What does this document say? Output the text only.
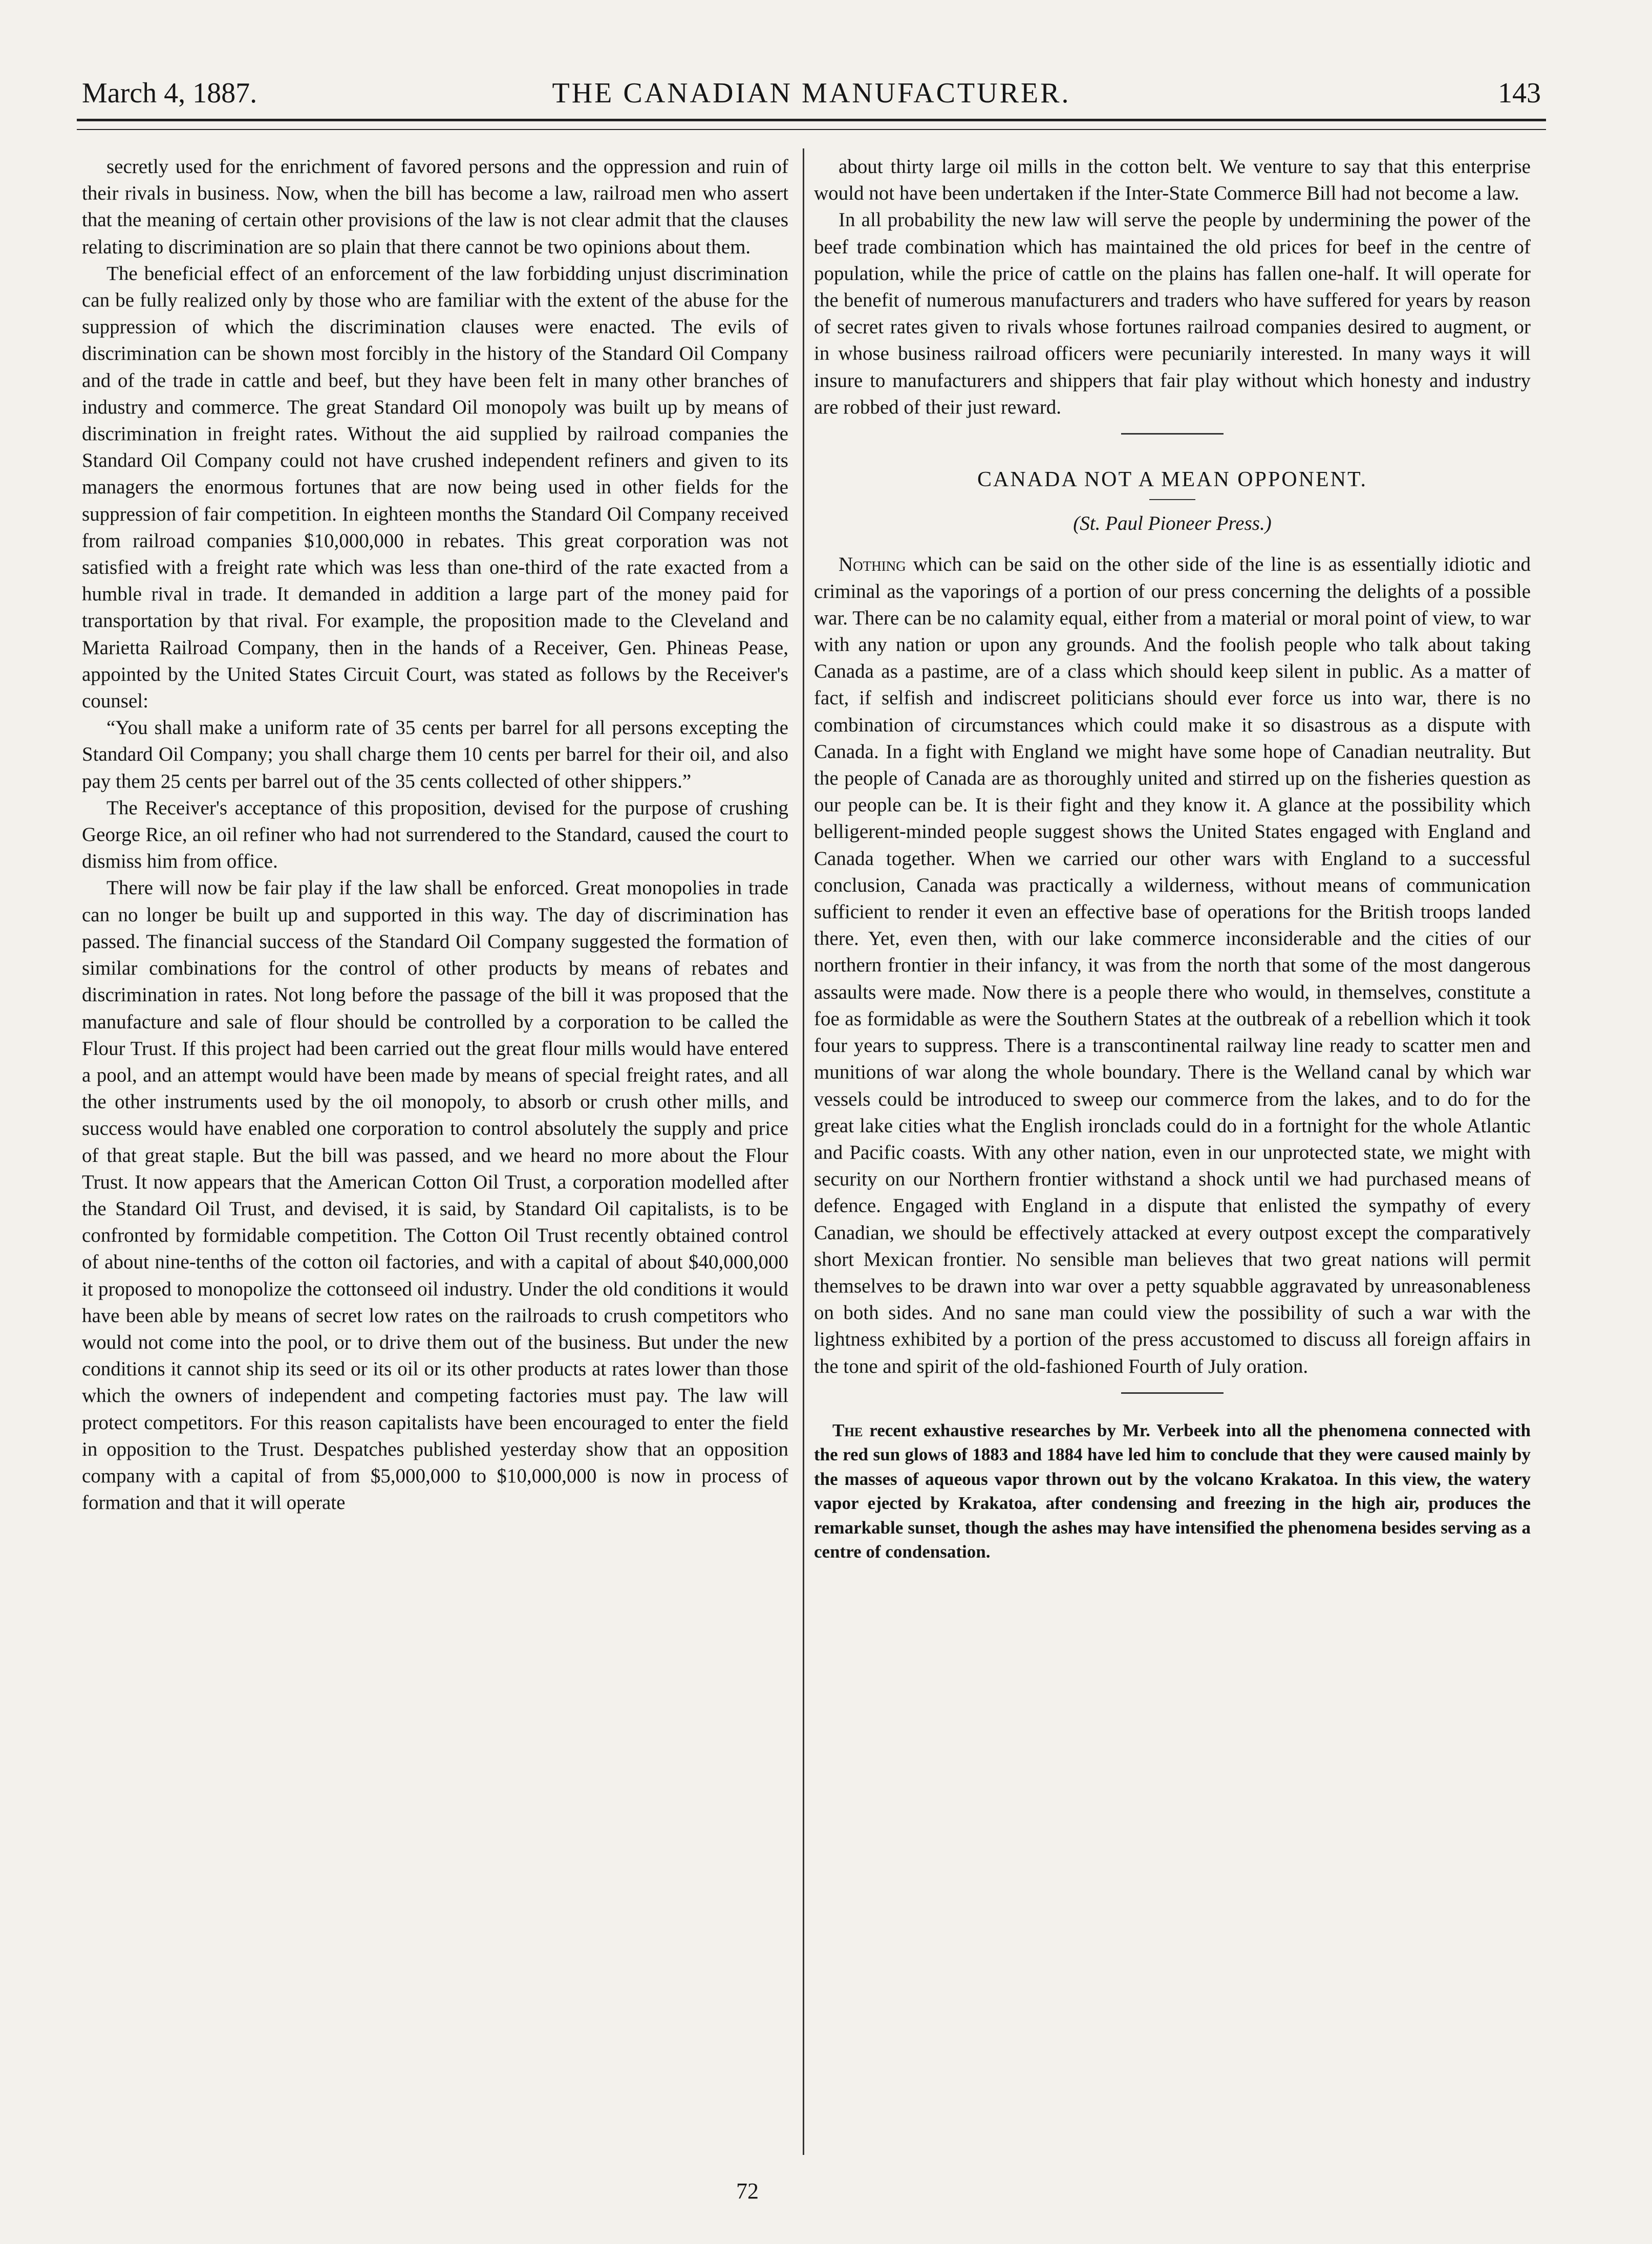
March 4, 1887.	THE CANADIAN MANUFACTURER.	143

secretly used for the enrichment of favored persons and the oppression and ruin of their rivals in business. Now, when the bill has become a law, railroad men who assert that the meaning of certain other provisions of the law is not clear admit that the clauses relating to discrimination are so plain that there cannot be two opinions about them.

The beneficial effect of an enforcement of the law forbidding unjust discrimination can be fully realized only by those who are familiar with the extent of the abuse for the suppression of which the discrimination clauses were enacted. The evils of discrimination can be shown most forcibly in the history of the Standard Oil Company and of the trade in cattle and beef, but they have been felt in many other branches of industry and commerce. The great Standard Oil monopoly was built up by means of discrimination in freight rates. Without the aid supplied by railroad companies the Standard Oil Company could not have crushed independent refiners and given to its managers the enormous fortunes that are now being used in other fields for the suppression of fair competition. In eighteen months the Standard Oil Company received from railroad companies $10,000,000 in rebates. This great corporation was not satisfied with a freight rate which was less than one-third of the rate exacted from a humble rival in trade. It demanded in addition a large part of the money paid for transportation by that rival. For example, the proposition made to the Cleveland and Marietta Railroad Company, then in the hands of a Receiver, Gen. Phineas Pease, appointed by the United States Circuit Court, was stated as follows by the Receiver's counsel:

“You shall make a uniform rate of 35 cents per barrel for all persons excepting the Standard Oil Company; you shall charge them 10 cents per barrel for their oil, and also pay them 25 cents per barrel out of the 35 cents collected of other shippers.”

The Receiver's acceptance of this proposition, devised for the purpose of crushing George Rice, an oil refiner who had not surrendered to the Standard, caused the court to dismiss him from office.

There will now be fair play if the law shall be enforced. Great monopolies in trade can no longer be built up and supported in this way. The day of discrimination has passed. The financial success of the Standard Oil Company suggested the formation of similar combinations for the control of other products by means of rebates and discrimination in rates. Not long before the passage of the bill it was proposed that the manufacture and sale of flour should be controlled by a corporation to be called the Flour Trust. If this project had been carried out the great flour mills would have entered a pool, and an attempt would have been made by means of special freight rates, and all the other instruments used by the oil monopoly, to absorb or crush other mills, and success would have enabled one corporation to control absolutely the supply and price of that great staple. But the bill was passed, and we heard no more about the Flour Trust. It now appears that the American Cotton Oil Trust, a corporation modelled after the Standard Oil Trust, and devised, it is said, by Standard Oil capitalists, is to be confronted by formidable competition. The Cotton Oil Trust recently obtained control of about nine-tenths of the cotton oil factories, and with a capital of about $40,000,000 it proposed to monopolize the cottonseed oil industry. Under the old conditions it would have been able by means of secret low rates on the railroads to crush competitors who would not come into the pool, or to drive them out of the business. But under the new conditions it cannot ship its seed or its oil or its other products at rates lower than those which the owners of independent and competing factories must pay. The law will protect competitors. For this reason capitalists have been encouraged to enter the field in opposition to the Trust. Despatches published yesterday show that an opposition company with a capital of from $5,000,000 to $10,000,000 is now in process of formation and that it will operate

about thirty large oil mills in the cotton belt. We venture to say that this enterprise would not have been undertaken if the Inter-State Commerce Bill had not become a law.

In all probability the new law will serve the people by undermining the power of the beef trade combination which has maintained the old prices for beef in the centre of population, while the price of cattle on the plains has fallen one-half. It will operate for the benefit of numerous manufacturers and traders who have suffered for years by reason of secret rates given to rivals whose fortunes railroad companies desired to augment, or in whose business railroad officers were pecuniarily interested. In many ways it will insure to manufacturers and shippers that fair play without which honesty and industry are robbed of their just reward.

CANADA NOT A MEAN OPPONENT.

(St. Paul Pioneer Press.)

Nothing which can be said on the other side of the line is as essentially idiotic and criminal as the vaporings of a portion of our press concerning the delights of a possible war. There can be no calamity equal, either from a material or moral point of view, to war with any nation or upon any grounds. And the foolish people who talk about taking Canada as a pastime, are of a class which should keep silent in public. As a matter of fact, if selfish and indiscreet politicians should ever force us into war, there is no combination of circumstances which could make it so disastrous as a dispute with Canada. In a fight with England we might have some hope of Canadian neutrality. But the people of Canada are as thoroughly united and stirred up on the fisheries question as our people can be. It is their fight and they know it. A glance at the possibility which belligerent-minded people suggest shows the United States engaged with England and Canada together. When we carried our other wars with England to a successful conclusion, Canada was practically a wilderness, without means of communication sufficient to render it even an effective base of operations for the British troops landed there. Yet, even then, with our lake commerce inconsiderable and the cities of our northern frontier in their infancy, it was from the north that some of the most dangerous assaults were made. Now there is a people there who would, in themselves, constitute a foe as formidable as were the Southern States at the outbreak of a rebellion which it took four years to suppress. There is a transcontinental railway line ready to scatter men and munitions of war along the whole boundary. There is the Welland canal by which war vessels could be introduced to sweep our commerce from the lakes, and to do for the great lake cities what the English ironclads could do in a fortnight for the whole Atlantic and Pacific coasts. With any other nation, even in our unprotected state, we might with security on our Northern frontier withstand a shock until we had purchased means of defence. Engaged with England in a dispute that enlisted the sympathy of every Canadian, we should be effectively attacked at every outpost except the comparatively short Mexican frontier. No sensible man believes that two great nations will permit themselves to be drawn into war over a petty squabble aggravated by unreasonableness on both sides. And no sane man could view the possibility of such a war with the lightness exhibited by a portion of the press accustomed to discuss all foreign affairs in the tone and spirit of the old-fashioned Fourth of July oration.

The recent exhaustive researches by Mr. Verbeek into all the phenomena connected with the red sun glows of 1883 and 1884 have led him to conclude that they were caused mainly by the masses of aqueous vapor thrown out by the volcano Krakatoa. In this view, the watery vapor ejected by Krakatoa, after condensing and freezing in the high air, produces the remarkable sunset, though the ashes may have intensified the phenomena besides serving as a centre of condensation.

72
